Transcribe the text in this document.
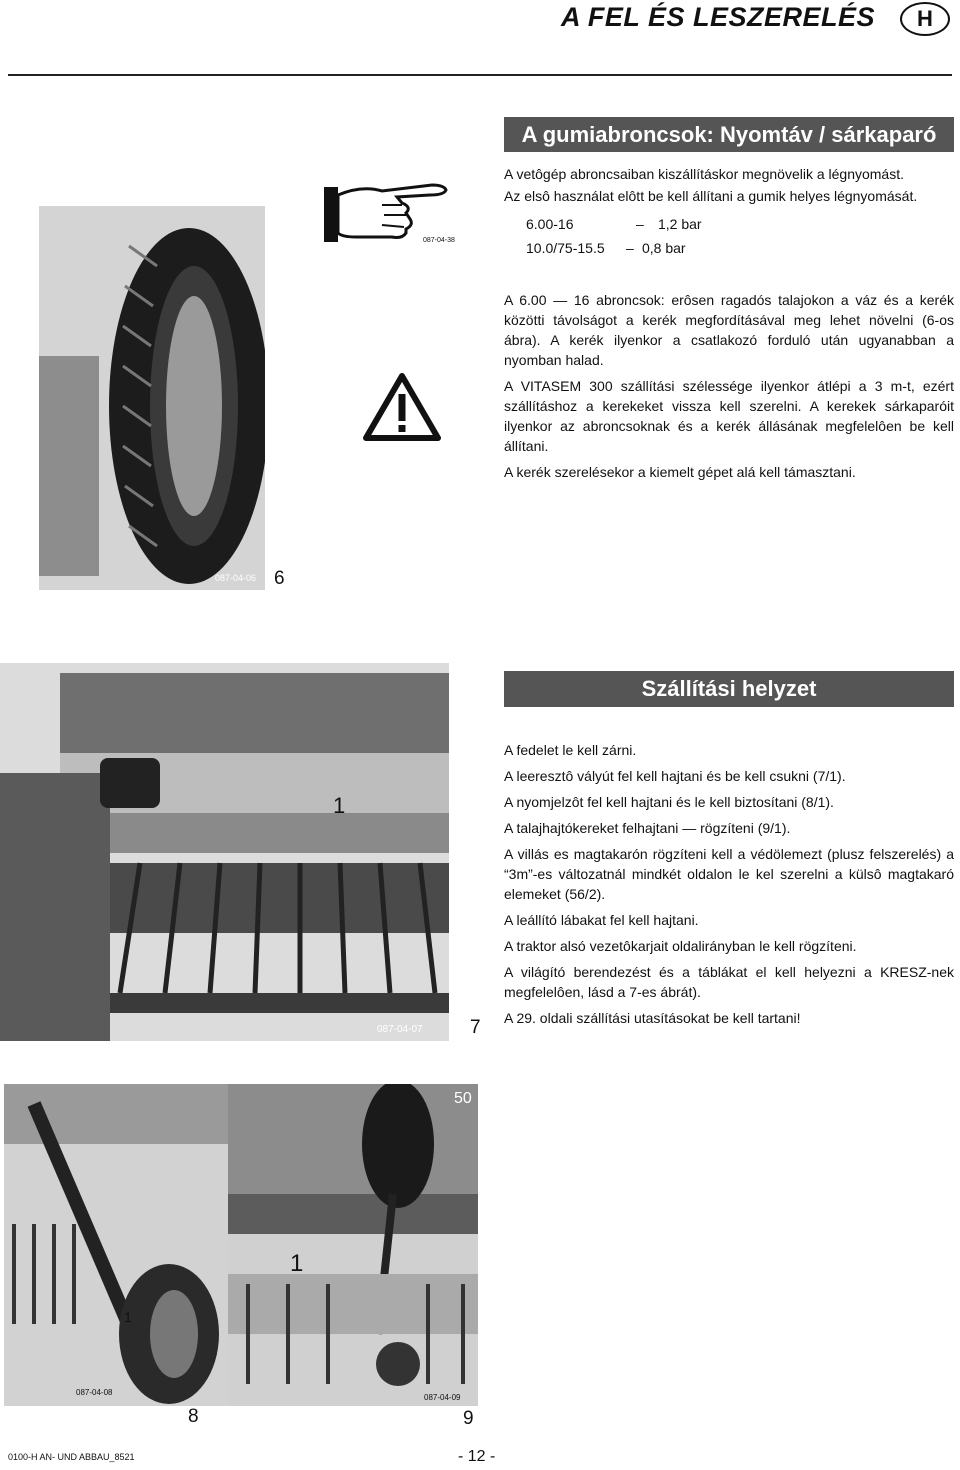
A FEL ÉS LESZERELÉS	H
087-04-38
087-04-06 6
A gumiabroncsok: Nyomtáv / sárkaparó

A vetôgép abroncsaiban kiszállításkor megnövelik a légnyomást.

Az elsô használat elôtt be kell állítani a gumik helyes légnyomását.

6.00-16	– 1,2 bar
10.0/75-15.5 – 0,8 bar

A 6.00 — 16 abroncsok: erôsen ragadós talajokon a váz és a kerék közötti távolságot a kerék megfordításával meg lehet növelni (6-os ábra). A kerék ilyenkor a csatlakozó forduló után ugyanabban a nyomban halad.

A VITASEM 300 szállítási szélessége ilyenkor átlépi a 3 m-t, ezért szállításhoz a kerekeket vissza kell szerelni. A kerekek sárkaparóit ilyenkor az abroncsoknak és a kerék állásának megfelelôen be kell állítani.

A kerék szerelésekor a kiemelt gépet alá kell támasztani.

1
087-04-07 7
Szállítási helyzet

A fedelet le kell zárni.

A leeresztô vályút fel kell hajtani és be kell csukni (7/1).

A nyomjelzôt fel kell hajtani és le kell biztosítani (8/1).

A talajhajtókereket felhajtani — rögzíteni (9/1).

A villás es magtakarón rögzíteni kell a védölemezt (plusz felszerelés) a “3m”-es változatnál mindkét oldalon le kel szerelni a külsô magtakaró elemeket (56/2).

A leállító lábakat fel kell hajtani.

A traktor alsó vezetôkarjait oldalirányban le kell rögzíteni.

A világító berendezést és a táblákat el kell helyezni a KRESZ-nek megfelelôen, lásd a 7-es ábrát).

A 29. oldali szállítási utasításokat be kell tartani!

1
087-04-08
8
50
1
087-04-09
9
0100-H AN- UND ABBAU_8521	- 12 -
